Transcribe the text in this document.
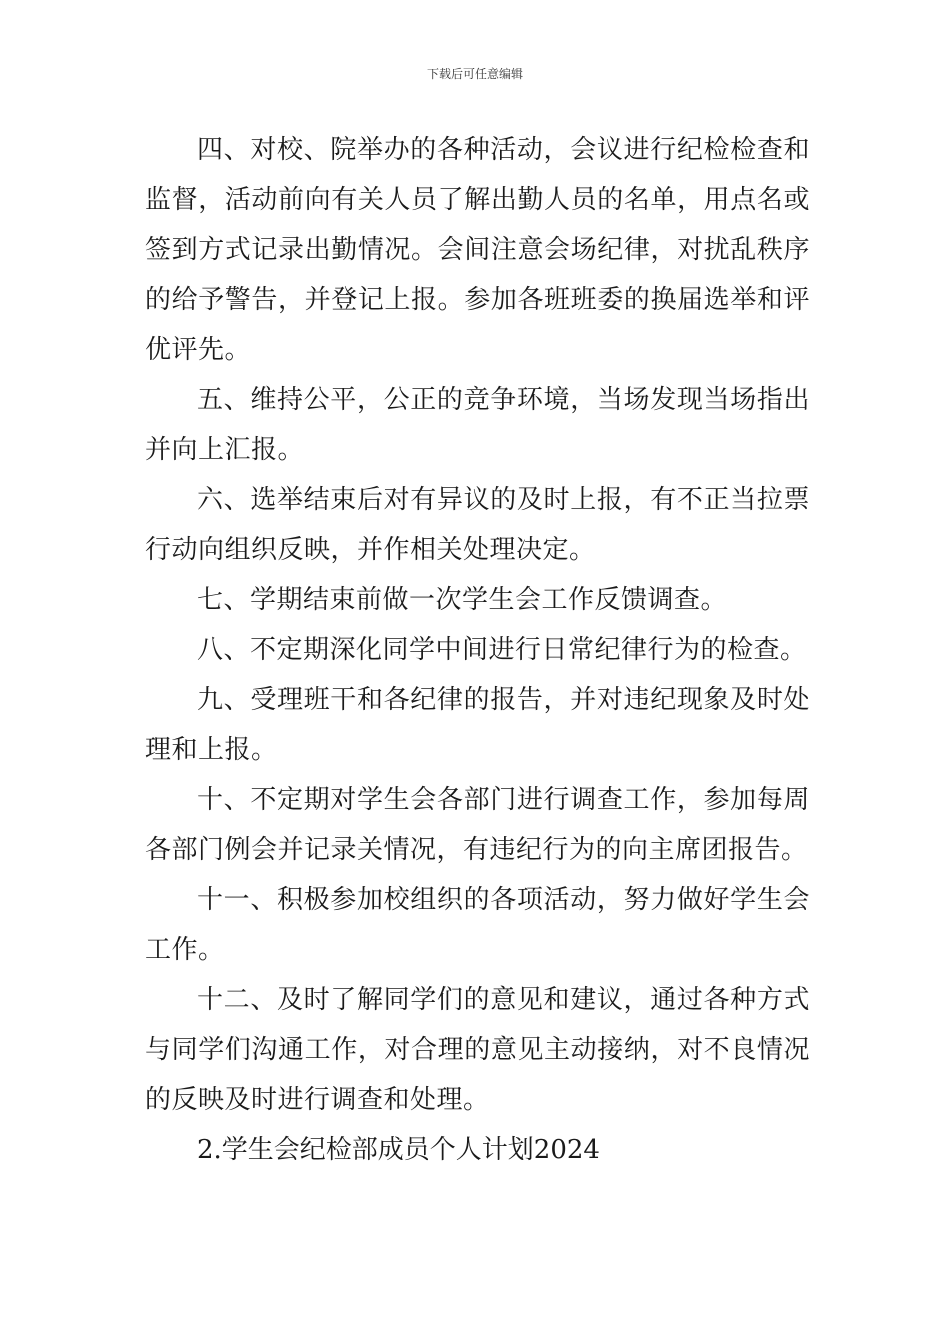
下载后可任意编辑

四、对校、院举办的各种活动，会议进行纪检检查和监督，活动前向有关人员了解出勤人员的名单，用点名或签到方式记录出勤情况。会间注意会场纪律，对扰乱秩序的给予警告，并登记上报。参加各班班委的换届选举和评优评先。

五、维持公平，公正的竞争环境，当场发现当场指出并向上汇报。

六、选举结束后对有异议的及时上报，有不正当拉票行动向组织反映，并作相关处理决定。

七、学期结束前做一次学生会工作反馈调查。

八、不定期深化同学中间进行日常纪律行为的检查。

九、受理班干和各纪律的报告，并对违纪现象及时处理和上报。

十、不定期对学生会各部门进行调查工作，参加每周各部门例会并记录关情况，有违纪行为的向主席团报告。

十一、积极参加校组织的各项活动，努力做好学生会工作。

十二、及时了解同学们的意见和建议，通过各种方式与同学们沟通工作，对合理的意见主动接纳，对不良情况的反映及时进行调查和处理。

2.学生会纪检部成员个人计划2024
